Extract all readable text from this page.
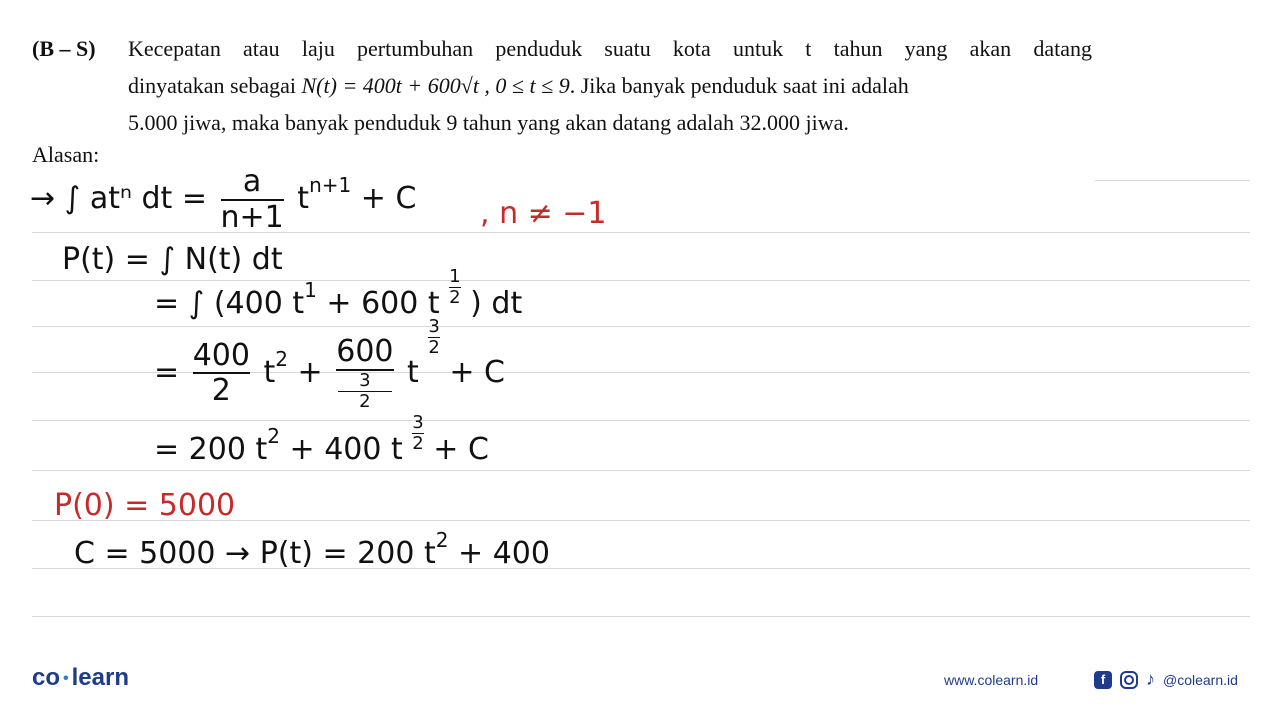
(B – S) Kecepatan atau laju pertumbuhan penduduk suatu kota untuk t tahun yang akan datang
dinyatakan sebagai N(t) = 400t + 600√t , 0 ≤ t ≤ 9. Jika banyak penduduk saat ini adalah
5.000 jiwa, maka banyak penduduk 9 tahun yang akan datang adalah 32.000 jiwa.
Alasan:
→ ∫ atⁿ dt = $\frac{a}{n+1} t^{n+1} + C$ , n ≠ −1
P(t) = ∫ N(t) dt
= ∫ (400 $t^1 + 600$ t $\frac{1}{2}$ ) dt
= $\frac{400}{2} t^2 + 600$
3
2 t $\frac{3}{2} + C$
= 200 $t^2 + 400$ t $\frac{3}{2} + C$
P(0) = 5000
C = 5000 → P(t) = 200 $t^2 + 400$
co • learn	www.colearn.id	f	♪ @colearn.id
